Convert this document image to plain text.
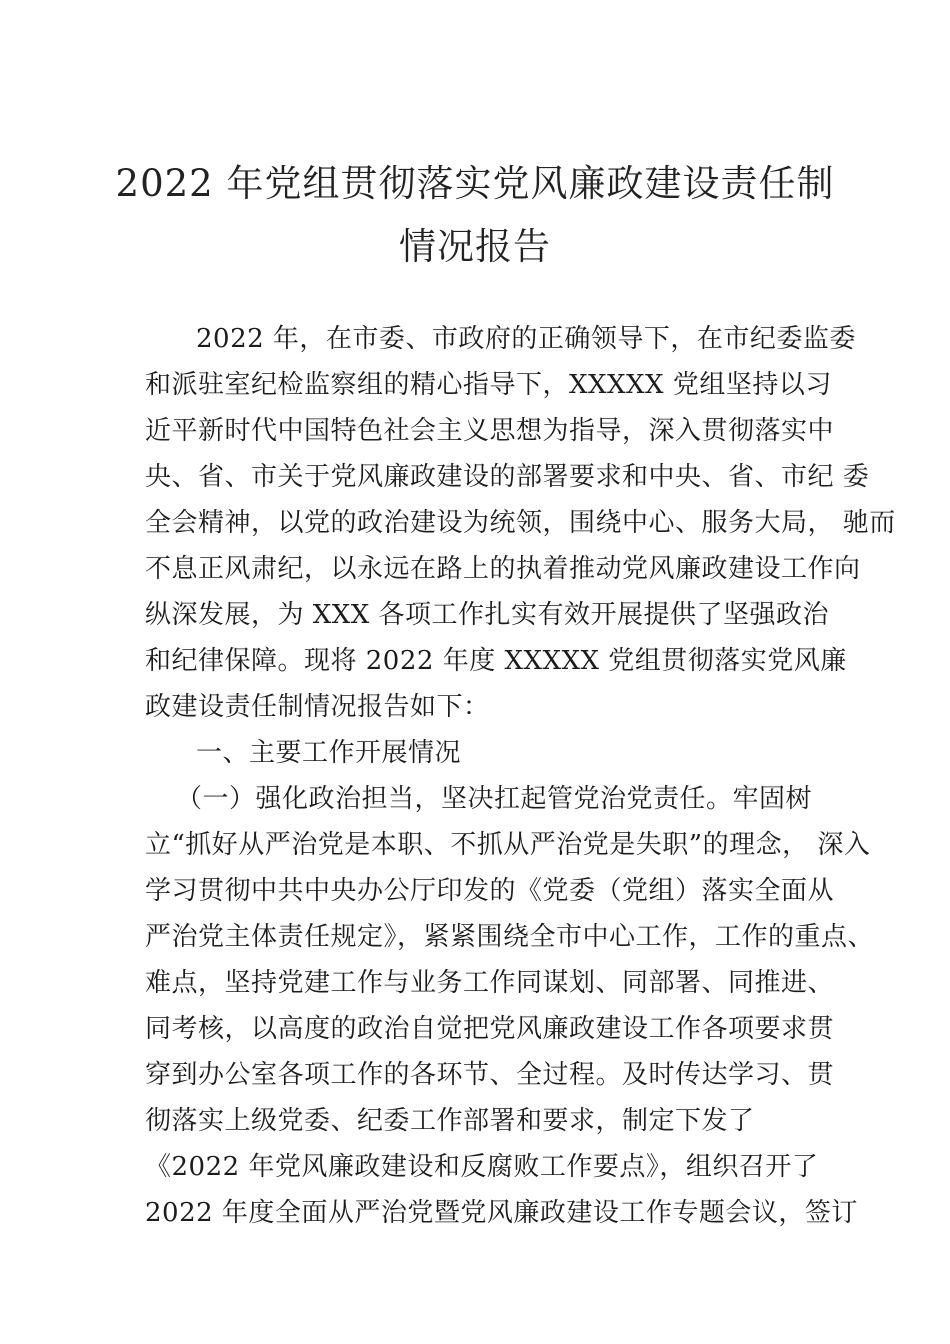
2022 年党组贯彻落实党风廉政建设责任制
情况报告
2022 年，在市委、市政府的正确领导下，在市纪委监委
和派驻室纪检监察组的精心指导下，XXXXX 党组坚持以习
近平新时代中国特色社会主义思想为指导，深入贯彻落实中
央、省、市关于党风廉政建设的部署要求和中央、省、市纪 委
全会精神，以党的政治建设为统领，围绕中心、服务大局， 驰而
不息正风肃纪，以永远在路上的执着推动党风廉政建设工作向
纵深发展，为 XXX 各项工作扎实有效开展提供了坚强政治
和纪律保障。现将 2022 年度 XXXXX 党组贯彻落实党风廉
政建设责任制情况报告如下：
一、主要工作开展情况
（一）强化政治担当，坚决扛起管党治党责任。牢固树
立“抓好从严治党是本职、不抓从严治党是失职”的理念， 深入
学习贯彻中共中央办公厅印发的《党委（党组）落实全面从
严治党主体责任规定》，紧紧围绕全市中心工作，工作的重点、
难点，坚持党建工作与业务工作同谋划、同部署、同推进、
同考核，以高度的政治自觉把党风廉政建设工作各项要求贯
穿到办公室各项工作的各环节、全过程。及时传达学习、贯
彻落实上级党委、纪委工作部署和要求，制定下发了
《2022 年党风廉政建设和反腐败工作要点》，组织召开了
2022 年度全面从严治党暨党风廉政建设工作专题会议，签订
